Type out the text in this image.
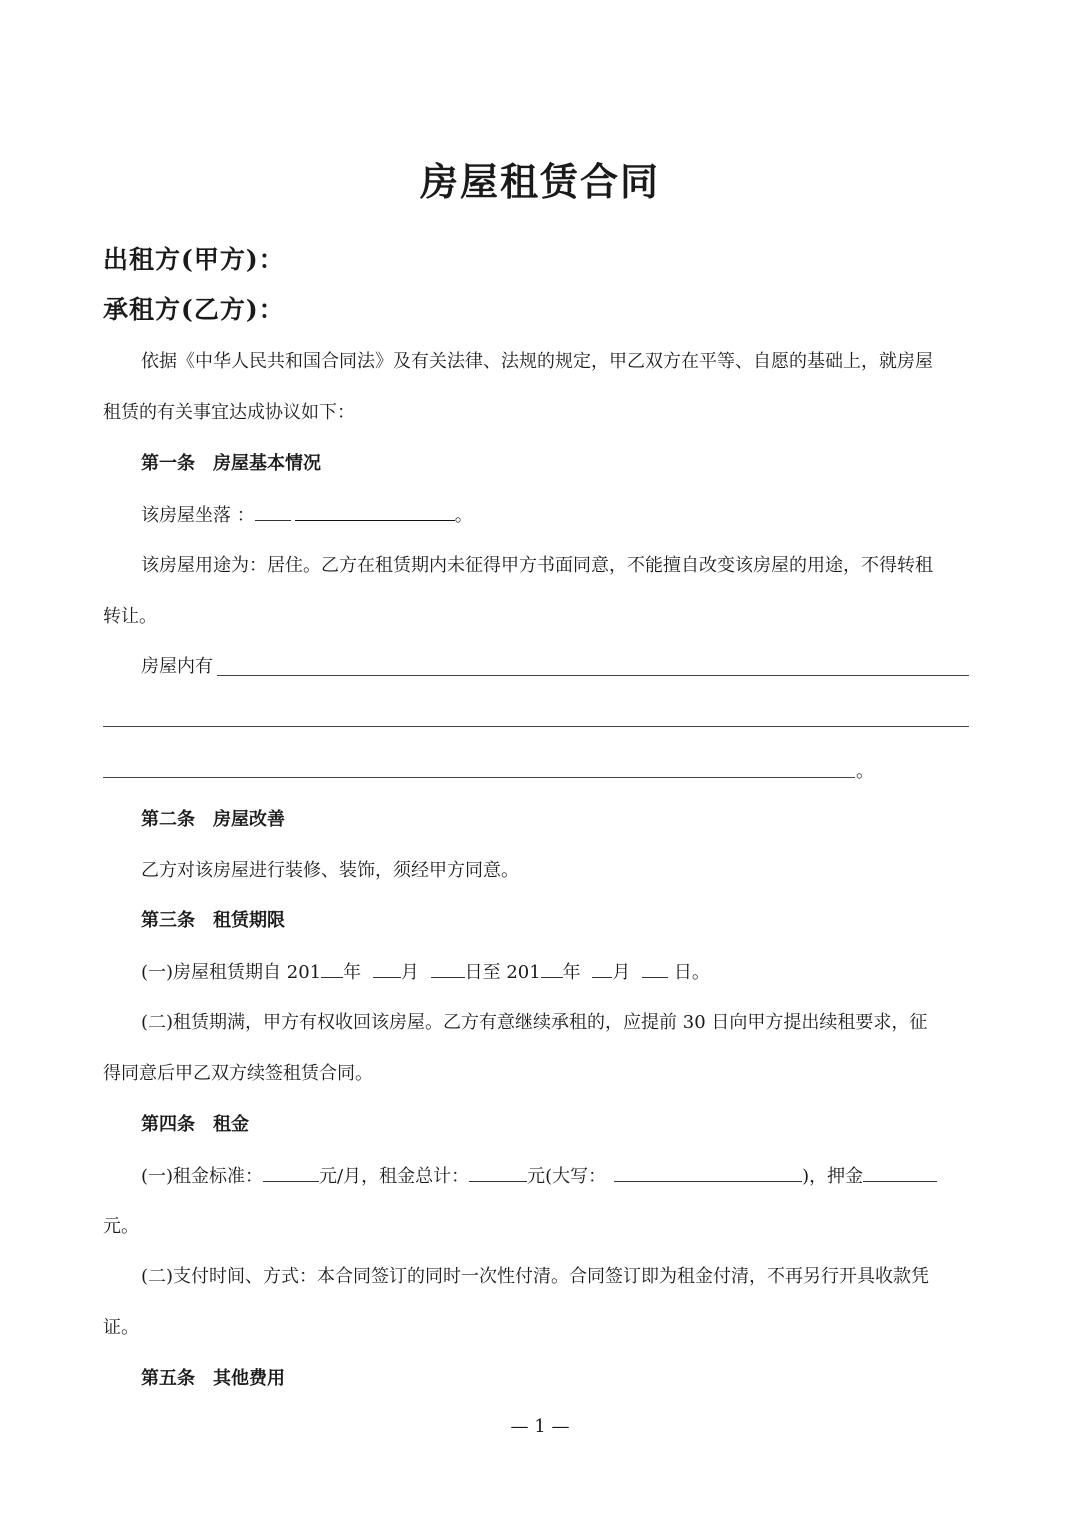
房屋租赁合同
出租方(甲方)：
承租方(乙方)：
依据《中华人民共和国合同法》及有关法律、法规的规定，甲乙双方在平等、自愿的基础上，就房屋
租赁的有关事宜达成协议如下：
第一条 房屋基本情况
该房屋坐落 ：	。
该房屋用途为：居住。乙方在租赁期内未征得甲方书面同意，不能擅自改变该房屋的用途，不得转租
转让。
房屋内有
。
第二条 房屋改善
乙方对该房屋进行装修、装饰，须经甲方同意。
第三条 租赁期限
(一)房屋租赁期自 201 年 月	日至 201 年 月 日。
(二)租赁期满，甲方有权收回该房屋。乙方有意继续承租的，应提前 30 日向甲方提出续租要求，征
得同意后甲乙双方续签租赁合同。
第四条 租金
(一)租金标准：	元/月，租金总计：	元(大写：	)，押金
元。
(二)支付时间、方式：本合同签订的同时一次性付清。合同签订即为租金付清，不再另行开具收款凭
证。
第五条 其他费用
— 1 —
